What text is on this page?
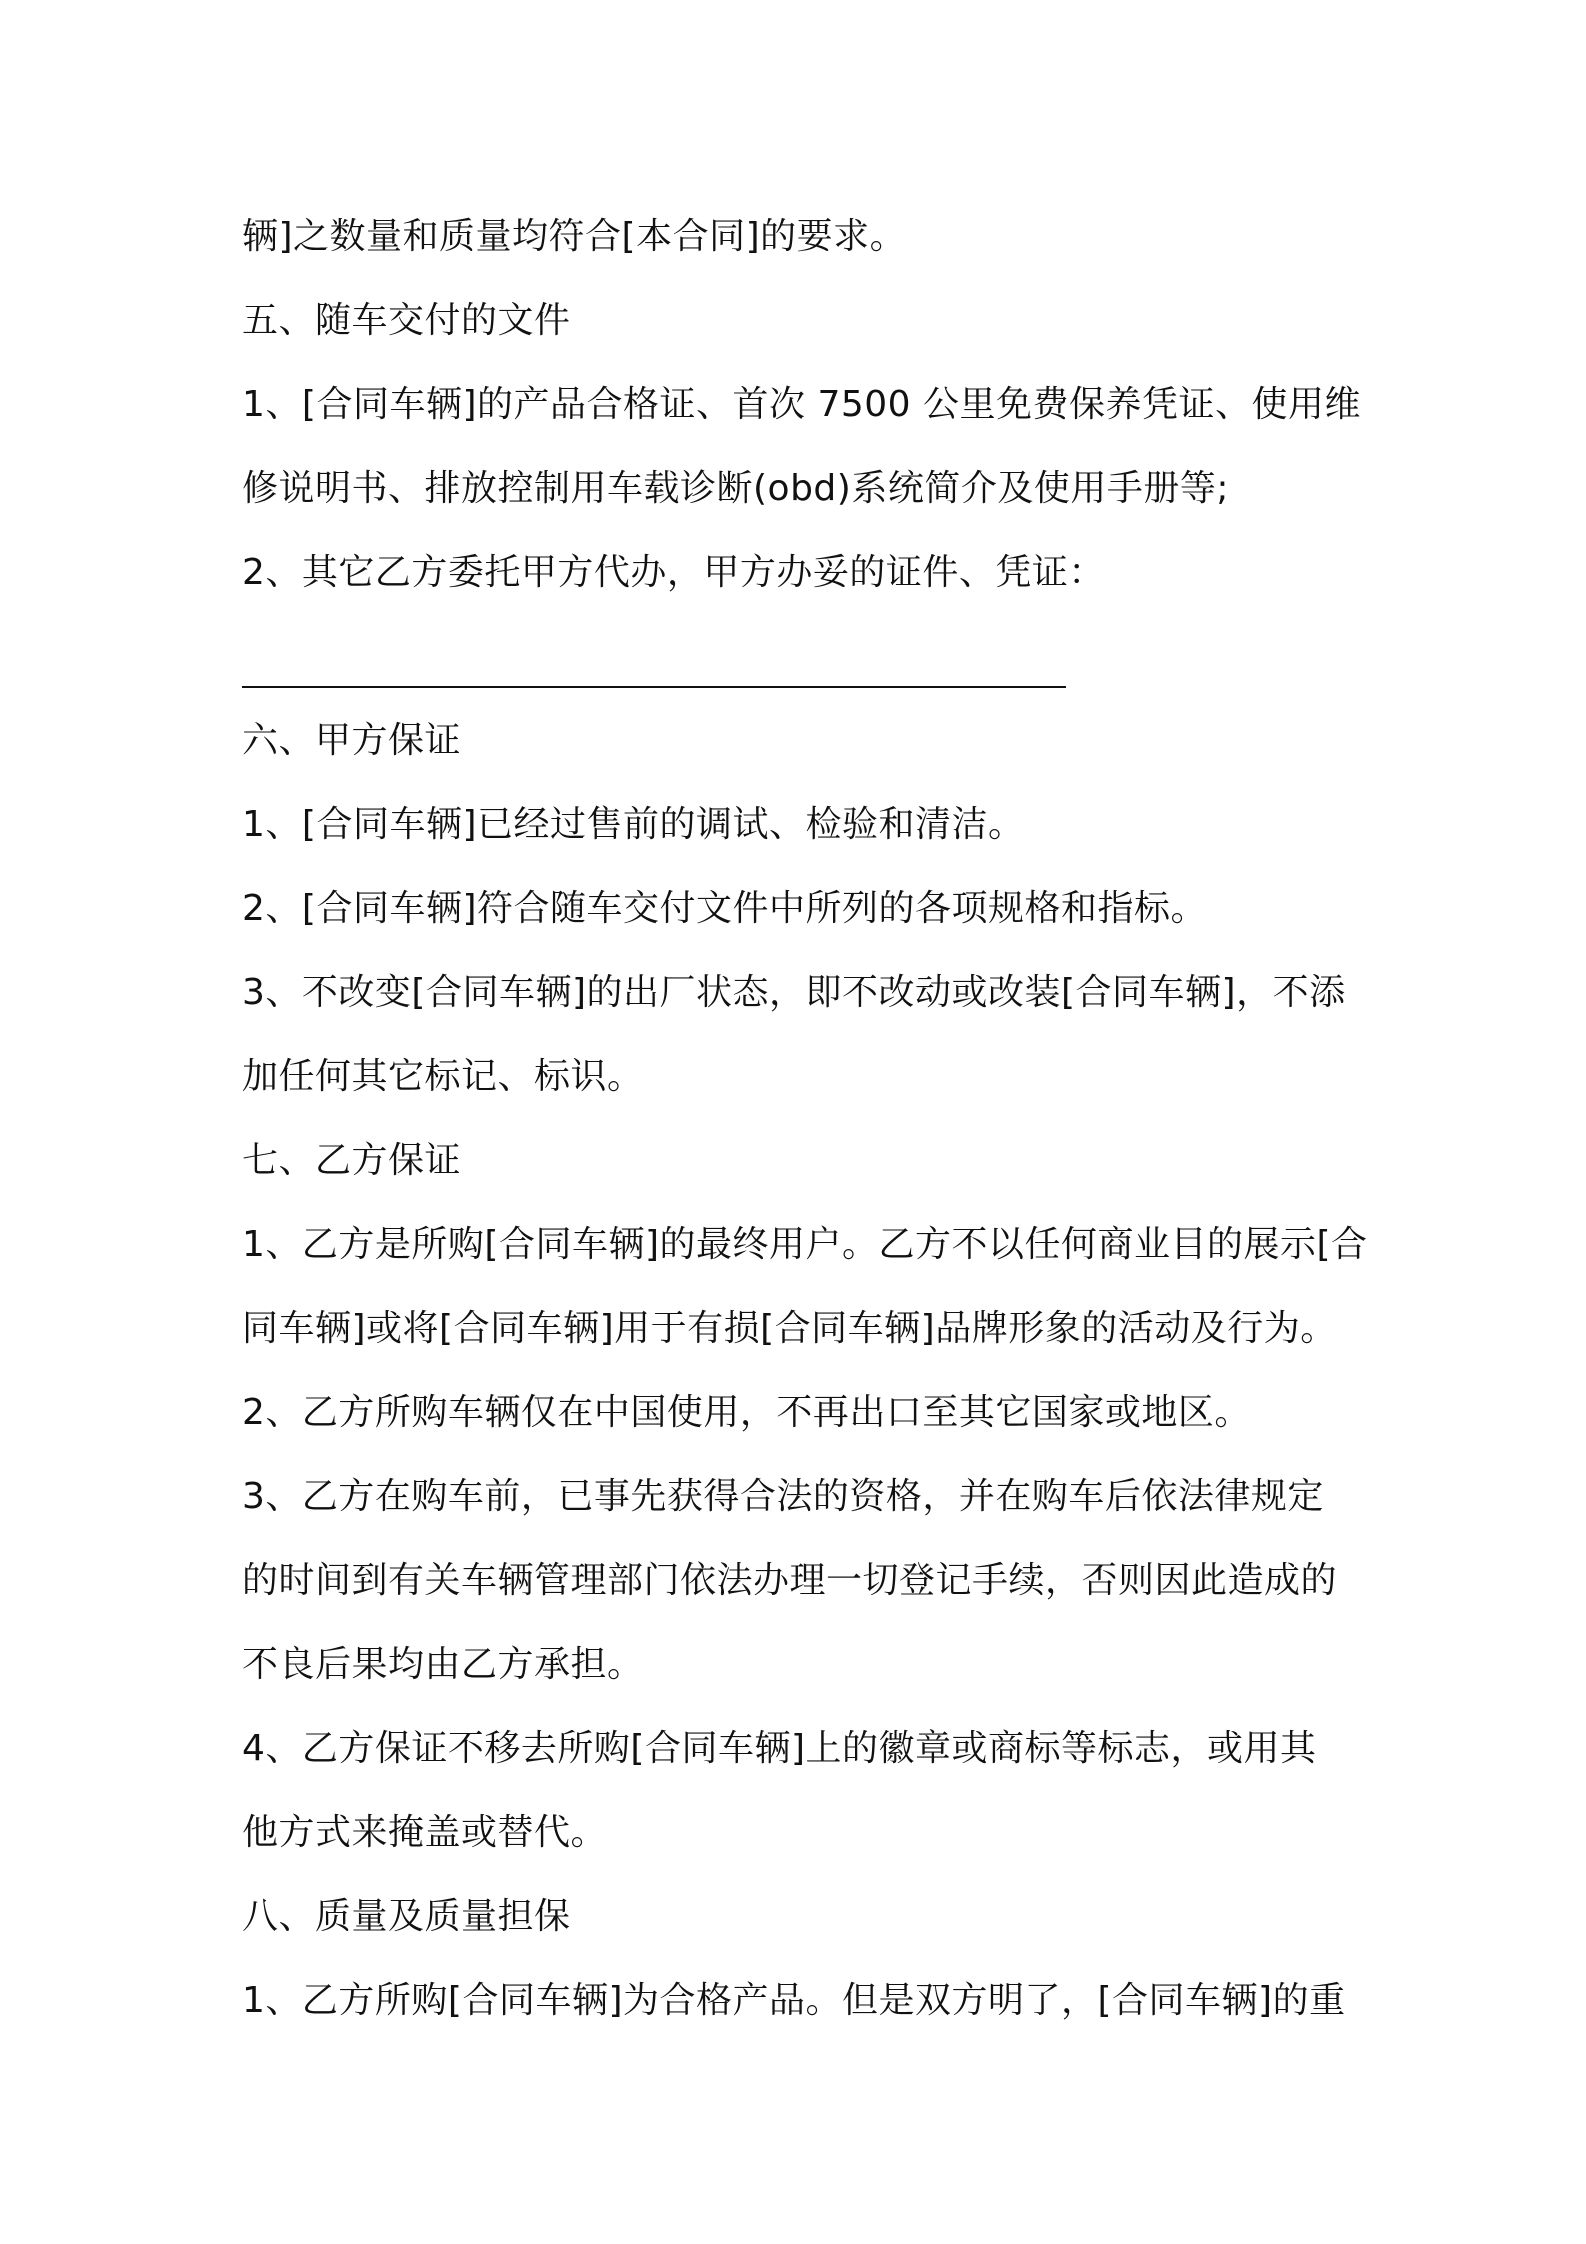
辆]之数量和质量均符合[本合同]的要求。
五、随车交付的文件
1、[合同车辆]的产品合格证、首次 7500 公里免费保养凭证、使用维
修说明书、排放控制用车载诊断(obd)系统简介及使用手册等;
2、其它乙方委托甲方代办，甲方办妥的证件、凭证：
六、甲方保证
1、[合同车辆]已经过售前的调试、检验和清洁。
2、[合同车辆]符合随车交付文件中所列的各项规格和指标。
3、不改变[合同车辆]的出厂状态，即不改动或改装[合同车辆]，不添
加任何其它标记、标识。
七、乙方保证
1、乙方是所购[合同车辆]的最终用户。乙方不以任何商业目的展示[合
同车辆]或将[合同车辆]用于有损[合同车辆]品牌形象的活动及行为。
2、乙方所购车辆仅在中国使用，不再出口至其它国家或地区。
3、乙方在购车前，已事先获得合法的资格，并在购车后依法律规定
的时间到有关车辆管理部门依法办理一切登记手续，否则因此造成的
不良后果均由乙方承担。
4、乙方保证不移去所购[合同车辆]上的徽章或商标等标志，或用其
他方式来掩盖或替代。
八、质量及质量担保
1、乙方所购[合同车辆]为合格产品。但是双方明了，[合同车辆]的重
